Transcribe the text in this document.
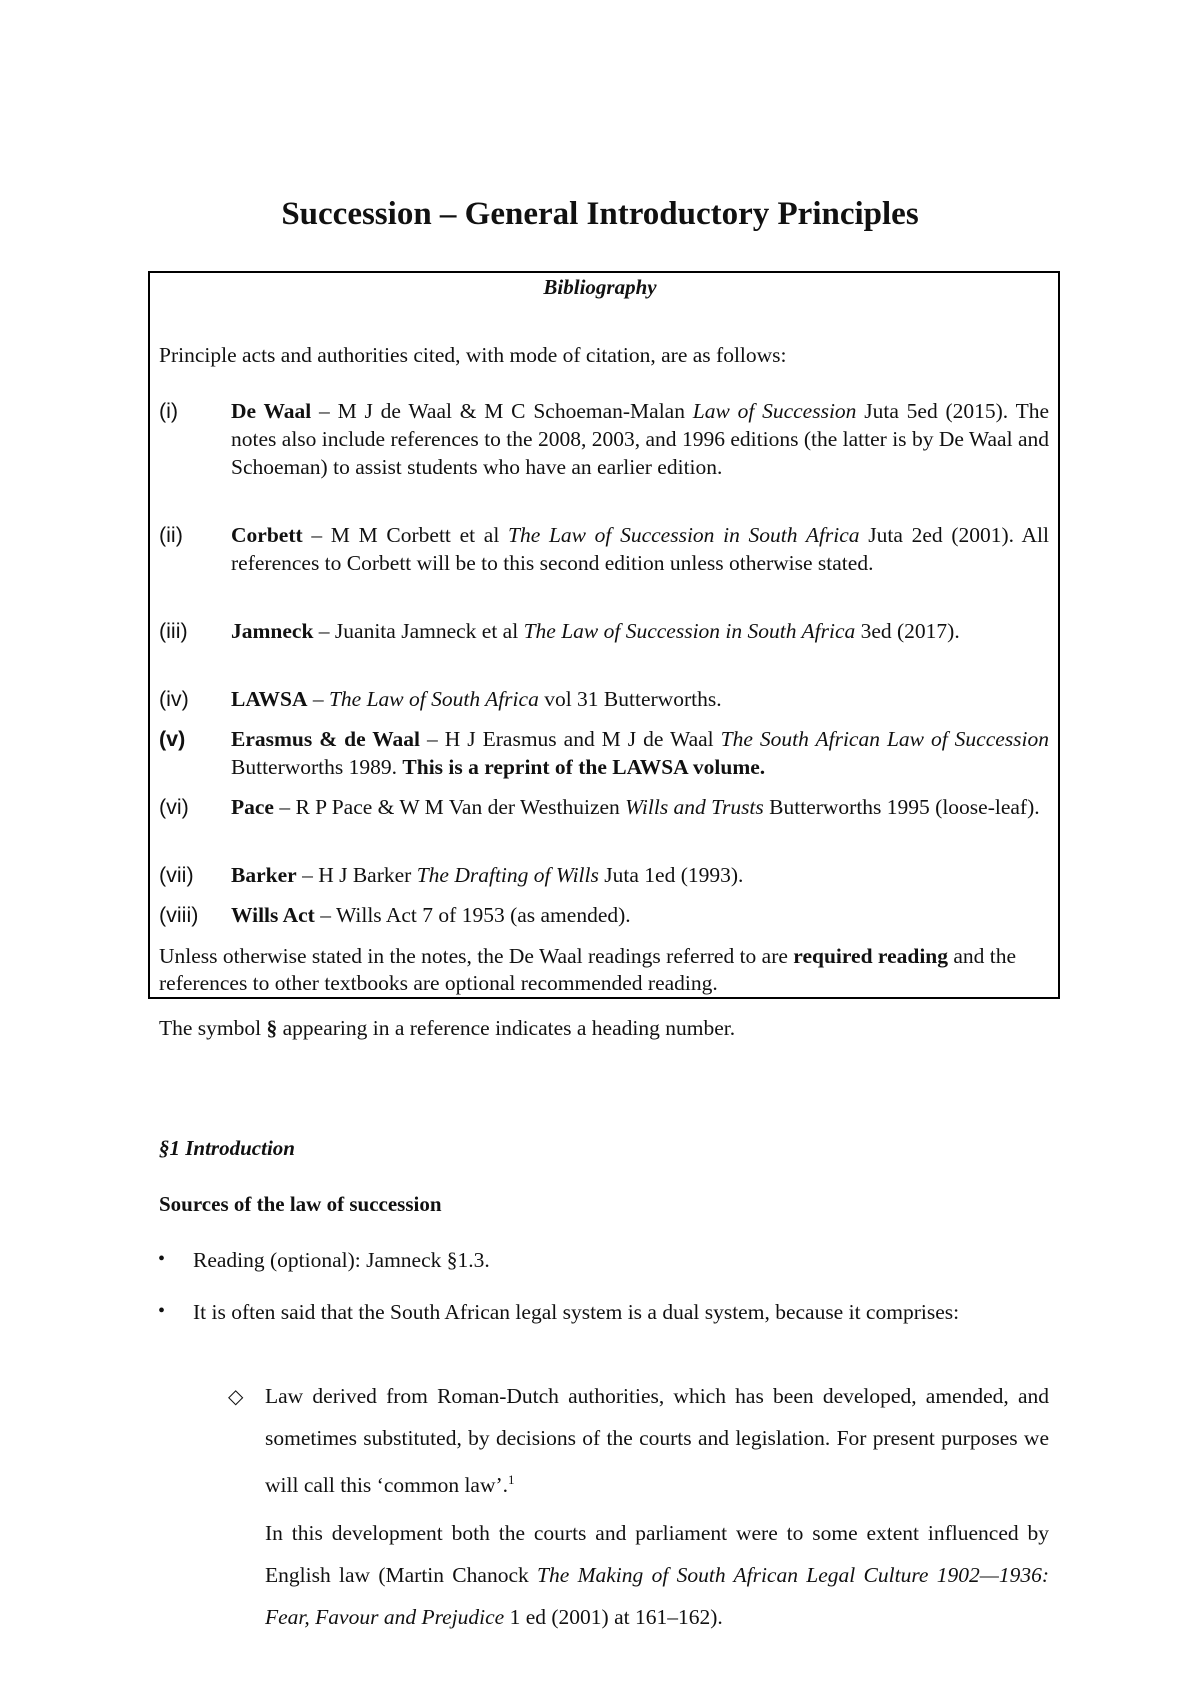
Succession – General Introductory Principles
Bibliography
Principle acts and authorities cited, with mode of citation, are as follows:
(i) De Waal – M J de Waal & M C Schoeman-Malan Law of Succession Juta 5ed (2015). The notes also include references to the 2008, 2003, and 1996 editions (the latter is by De Waal and Schoeman) to assist students who have an earlier edition.
(ii) Corbett – M M Corbett et al The Law of Succession in South Africa Juta 2ed (2001). All references to Corbett will be to this second edition unless otherwise stated.
(iii) Jamneck – Juanita Jamneck et al The Law of Succession in South Africa 3ed (2017).
(iv) LAWSA – The Law of South Africa vol 31 Butterworths.
(v) Erasmus & de Waal – H J Erasmus and M J de Waal The South African Law of Succession Butterworths 1989. This is a reprint of the LAWSA volume.
(vi) Pace – R P Pace & W M Van der Westhuizen Wills and Trusts Butterworths 1995 (loose-leaf).
(vii) Barker – H J Barker The Drafting of Wills Juta 1ed (1993).
(viii) Wills Act – Wills Act 7 of 1953 (as amended).
Unless otherwise stated in the notes, the De Waal readings referred to are required reading and the references to other textbooks are optional recommended reading.
The symbol § appearing in a reference indicates a heading number.
§1 Introduction
Sources of the law of succession
• Reading (optional): Jamneck §1.3.
• It is often said that the South African legal system is a dual system, because it comprises:
◇ Law derived from Roman-Dutch authorities, which has been developed, amended, and sometimes substituted, by decisions of the courts and legislation. For present purposes we will call this ‘common law’.$^1$
In this development both the courts and parliament were to some extent influenced by English law (Martin Chanock The Making of South African Legal Culture 1902—1936: Fear, Favour and Prejudice 1 ed (2001) at 161–162).
